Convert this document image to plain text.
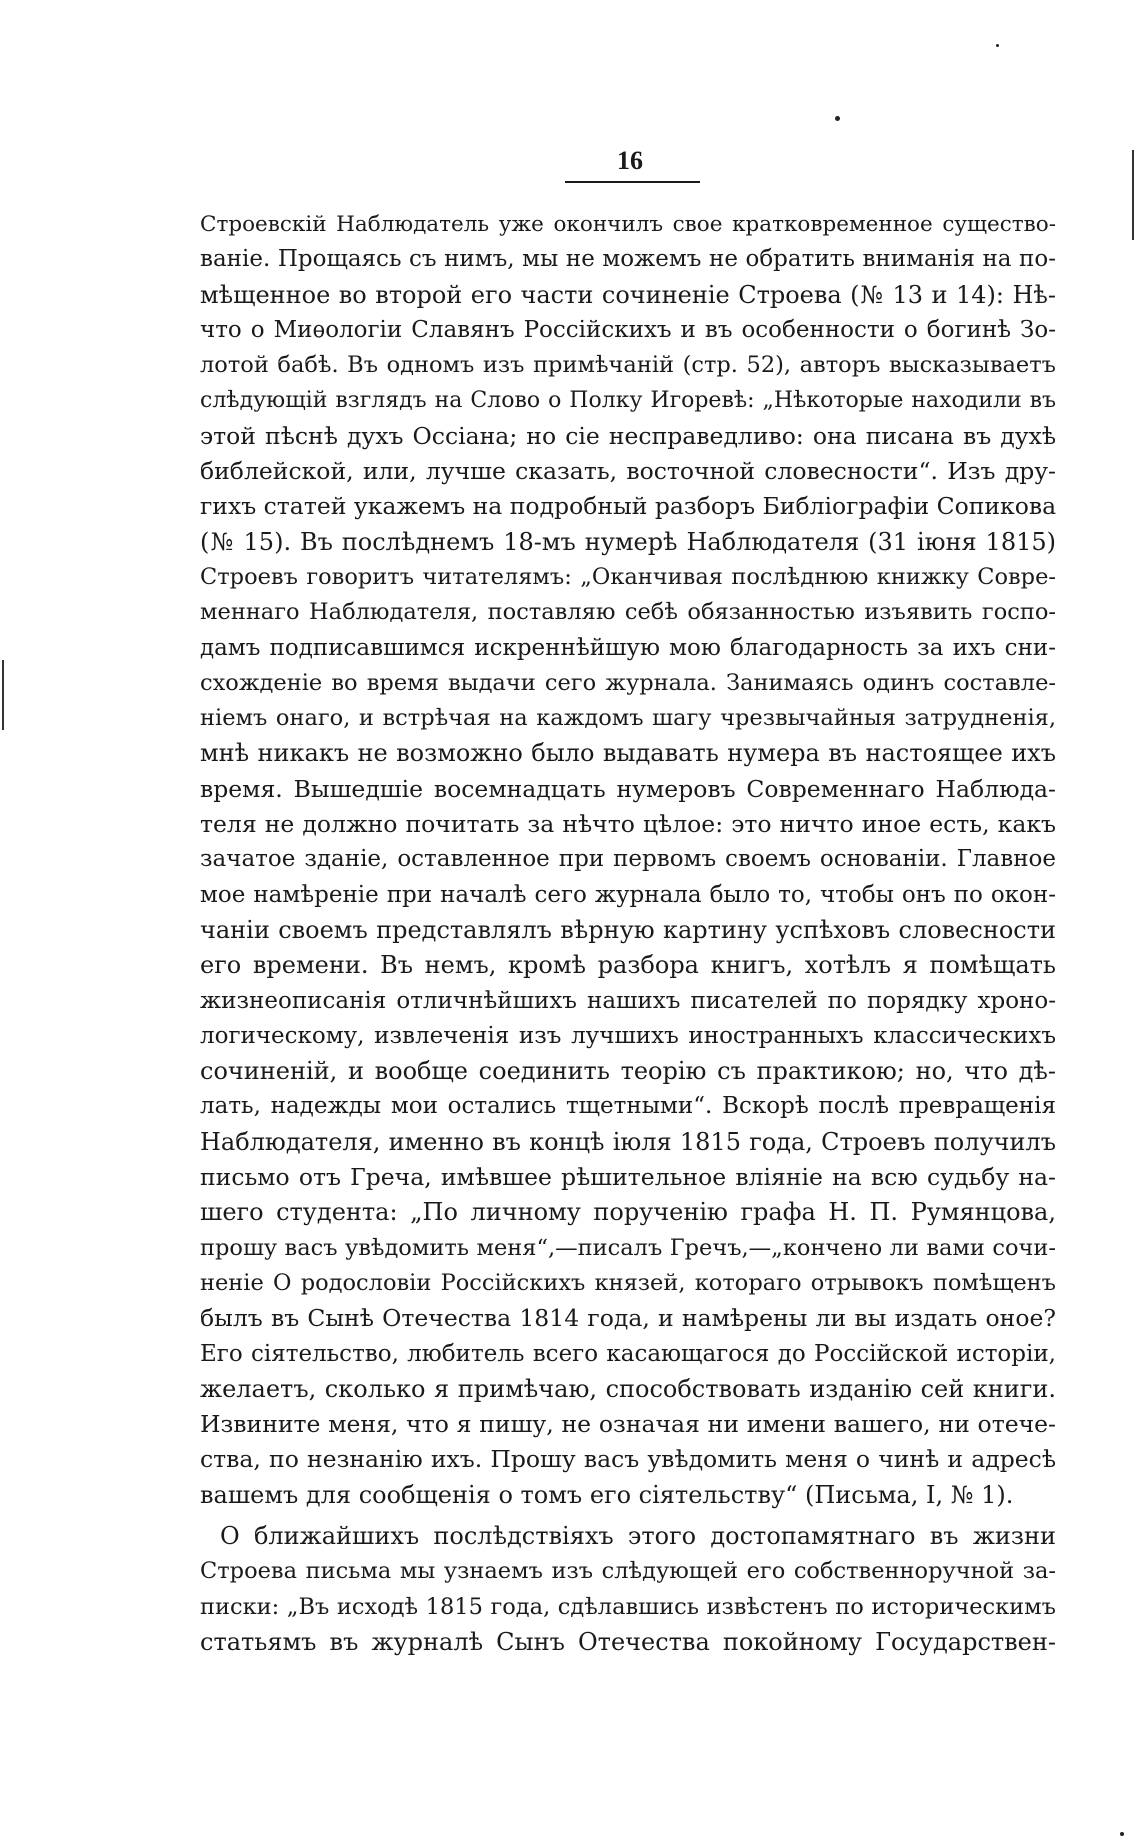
16
Строевскій Наблюдатель уже окончилъ свое кратковременное существо-
ваніе. Прощаясь съ нимъ, мы не можемъ не обратить вниманія на по-
мѣщенное во второй его части сочиненіе Строева (№ 13 и 14): Нѣ-
что о Миѳологіи Славянъ Россійскихъ и въ особенности о богинѣ Зо-
лотой бабѣ. Въ одномъ изъ примѣчаній (стр. 52), авторъ высказываетъ
слѣдующій взглядъ на Слово о Полку Игоревѣ: „Нѣкоторые находили въ
этой пѣснѣ духъ Оссіана; но сіе несправедливо: она писана въ духѣ
библейской, или, лучше сказать, восточной словесности“. Изъ дру-
гихъ статей укажемъ на подробный разборъ Библіографіи Сопикова
(№ 15). Въ послѣднемъ 18-мъ нумерѣ Наблюдателя (31 іюня 1815)
Строевъ говоритъ читателямъ: „Оканчивая послѣднюю книжку Совре-
меннаго Наблюдателя, поставляю себѣ обязанностью изъявить госпо-
дамъ подписавшимся искреннѣйшую мою благодарность за ихъ сни-
схожденіе во время выдачи сего журнала. Занимаясь одинъ составле-
ніемъ онаго, и встрѣчая на каждомъ шагу чрезвычайныя затрудненія,
мнѣ никакъ не возможно было выдавать нумера въ настоящее ихъ
время. Вышедшіе восемнадцать нумеровъ Современнаго Наблюда-
теля не должно почитать за нѣчто цѣлое: это ничто иное есть, какъ
зачатое зданіе, оставленное при первомъ своемъ основаніи. Главное
мое намѣреніе при началѣ сего журнала было то, чтобы онъ по окон-
чаніи своемъ представлялъ вѣрную картину успѣховъ словесности
его времени. Въ немъ, кромѣ разбора книгъ, хотѣлъ я помѣщать
жизнеописанія отличнѣйшихъ нашихъ писателей по порядку хроно-
логическому, извлеченія изъ лучшихъ иностранныхъ классическихъ
сочиненій, и вообще соединить теорію съ практикою; но, что дѣ-
лать, надежды мои остались тщетными“. Вскорѣ послѣ превращенія
Наблюдателя, именно въ концѣ іюля 1815 года, Строевъ получилъ
письмо отъ Греча, имѣвшее рѣшительное вліяніе на всю судьбу на-
шего студента: „По личному порученію графа Н. П. Румянцова,
прошу васъ увѣдомить меня“,—писалъ Гречъ,—„кончено ли вами сочи-
неніе О родословіи Россійскихъ князей, котораго отрывокъ помѣщенъ
былъ въ Сынѣ Отечества 1814 года, и намѣрены ли вы издать оное?
Его сіятельство, любитель всего касающагося до Россійской исторіи,
желаетъ, сколько я примѣчаю, способствовать изданію сей книги.
Извините меня, что я пишу, не означая ни имени вашего, ни отече-
ства, по незнанію ихъ. Прошу васъ увѣдомить меня о чинѣ и адресѣ
вашемъ для сообщенія о томъ его сіятельству“ (Письма, I, № 1).
О ближайшихъ послѣдствіяхъ этого достопамятнаго въ жизни
Строева письма мы узнаемъ изъ слѣдующей его собственноручной за-
писки: „Въ исходѣ 1815 года, сдѣлавшись извѣстенъ по историческимъ
статьямъ въ журналѣ Сынъ Отечества покойному Государствен-
